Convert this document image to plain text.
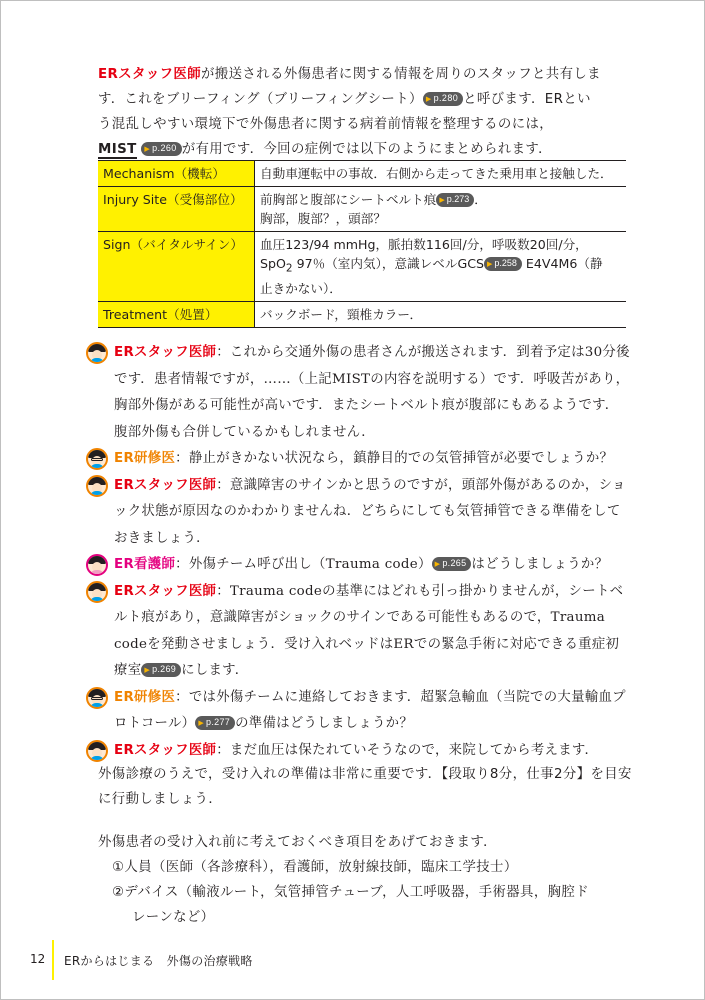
ERスタッフ医師が搬送される外傷患者に関する情報を周りのスタッフと共有しま

す．これをブリーフィング（ブリーフィングシート） ▶ p.280 と呼びます．ERとい

う混乱しやすい環境下で外傷患者に関する病着前情報を整理するのには，

MIST ▶ p.260 が有用です．今回の症例では以下のようにまとめられます．

Mechanism（機転）	自動車運転中の事故．右側から走ってきた乗用車と接触した．
Injury Site（受傷部位）	前胸部と腹部にシートベルト痕 ▶ p.273 ．
胸部，腹部？，頭部？
Sign（バイタルサイン）	血圧123/94 mmHg，脈拍数116回/分，呼吸数20回/分，
SpO$_2$ 97％（室内気），意識レベルGCS ▶ p.258 E4V4M6（静
止きかない）．
Treatment（処置）	バックボード，頸椎カラー．
ERスタッフ医師：これから交通外傷の患者さんが搬送されます．到着予定は30分後です．患者情報ですが，……（上記MISTの内容を説明する）です．呼吸苦があり，胸部外傷がある可能性が高いです．またシートベルト痕が腹部にもあるようです．腹部外傷も合併しているかもしれません．
ER研修医：静止がきかない状況なら，鎮静目的での気管挿管が必要でしょうか？
ERスタッフ医師：意識障害のサインかと思うのですが，頭部外傷があるのか，ショック状態が原因なのかわかりませんね．どちらにしても気管挿管できる準備をしておきましょう．
ER看護師：外傷チーム呼び出し（Trauma code） ▶ p.265 はどうしましょうか？
ERスタッフ医師：Trauma codeの基準にはどれも引っ掛かりませんが，シートベルト痕があり，意識障害がショックのサインである可能性もあるので，Trauma codeを発動させましょう．受け入れベッドはERでの緊急手術に対応できる重症初療室 ▶ p.269 にします．
ER研修医：では外傷チームに連絡しておきます．超緊急輸血（当院での大量輸血プロトコール） ▶ p.277 の準備はどうしましょうか？
ERスタッフ医師：まだ血圧は保たれていそうなので，来院してから考えます．

外傷診療のうえで，受け入れの準備は非常に重要です．【段取り8分，仕事2分】を目安に行動しましょう．

外傷患者の受け入れ前に考えておくべき項目をあげておきます．

①人員（医師（各診療科），看護師，放射線技師，臨床工学技士）

②デバイス（輸液ルート，気管挿管チューブ，人工呼吸器，手術器具，胸腔ド

レーンなど）

12 ERからはじまる　外傷の治療戦略
